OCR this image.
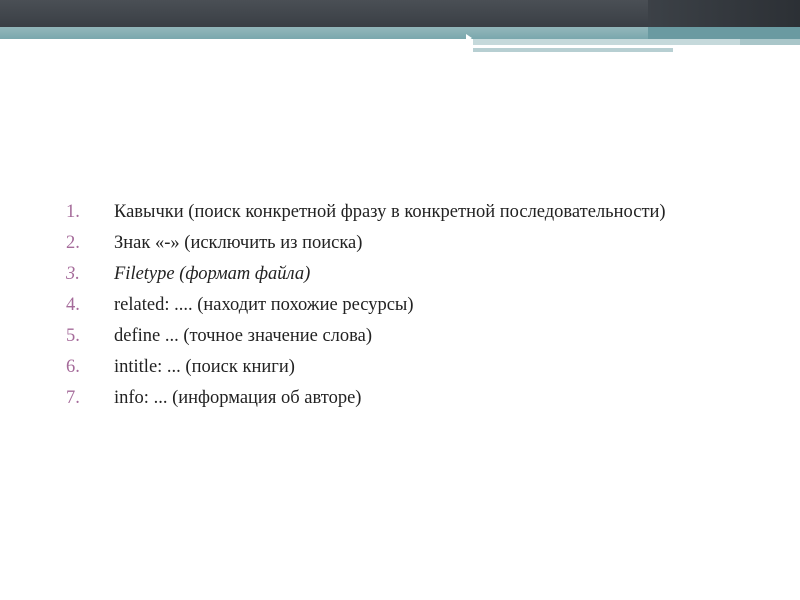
1.	Кавычки (поиск конкретной фразу в конкретной последовательности)
2.	Знак «-» (исключить из поиска)
3.	Filetype (формат файла)
4.	related: .... (находит похожие ресурсы)
5.	define ... (точное значение слова)
6.	intitle: ... (поиск книги)
7.	info: ... (информация об авторе)
